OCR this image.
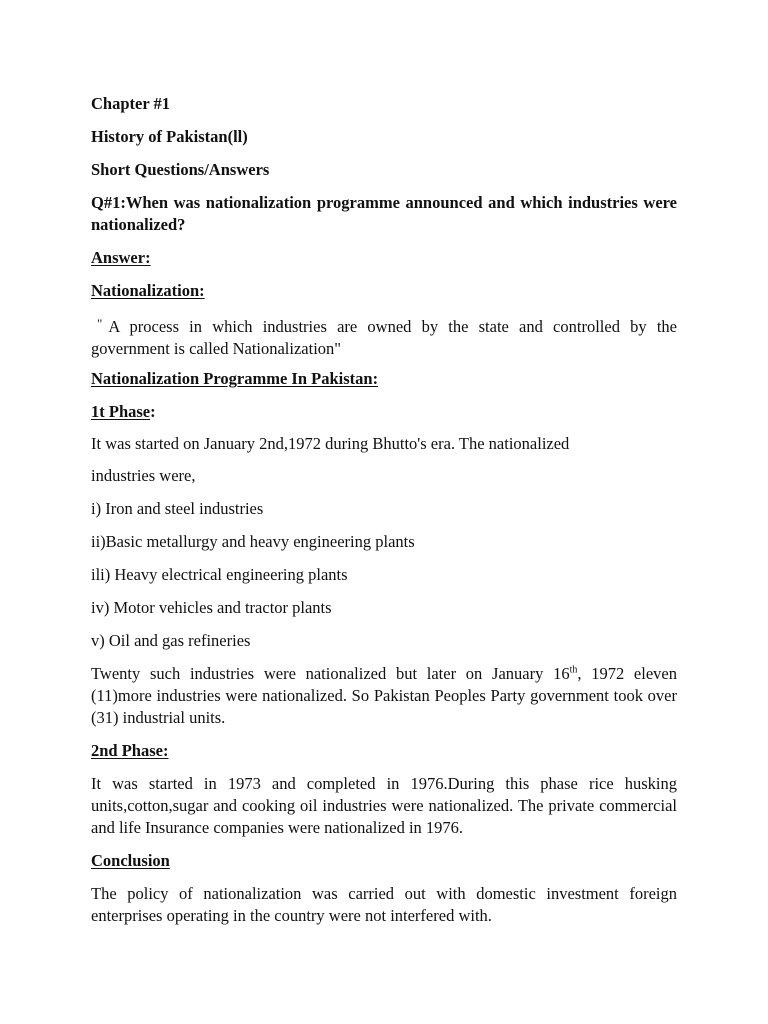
Chapter #1
History of Pakistan(ll)
Short Questions/Answers
Q#1:When was nationalization programme announced and which industries were nationalized?
Answer:
Nationalization:
" A process in which industries are owned by the state and controlled by the government is called Nationalization"
Nationalization Programme In Pakistan:
1t Phase:
It was started on January 2nd,1972 during Bhutto's era. The nationalized
industries were,
i) Iron and steel industries
ii)Basic metallurgy and heavy engineering plants
ili) Heavy electrical engineering plants
iv) Motor vehicles and tractor plants
v) Oil and gas refineries
Twenty such industries were nationalized but later on January 16th, 1972 eleven (11)more industries were nationalized. So Pakistan Peoples Party government took over (31) industrial units.
2nd Phase:
It was started in 1973 and completed in 1976.During this phase rice husking units,cotton,sugar and cooking oil industries were nationalized. The private commercial and life Insurance companies were nationalized in 1976.
Conclusion
The policy of nationalization was carried out with domestic investment foreign enterprises operating in the country were not interfered with.
